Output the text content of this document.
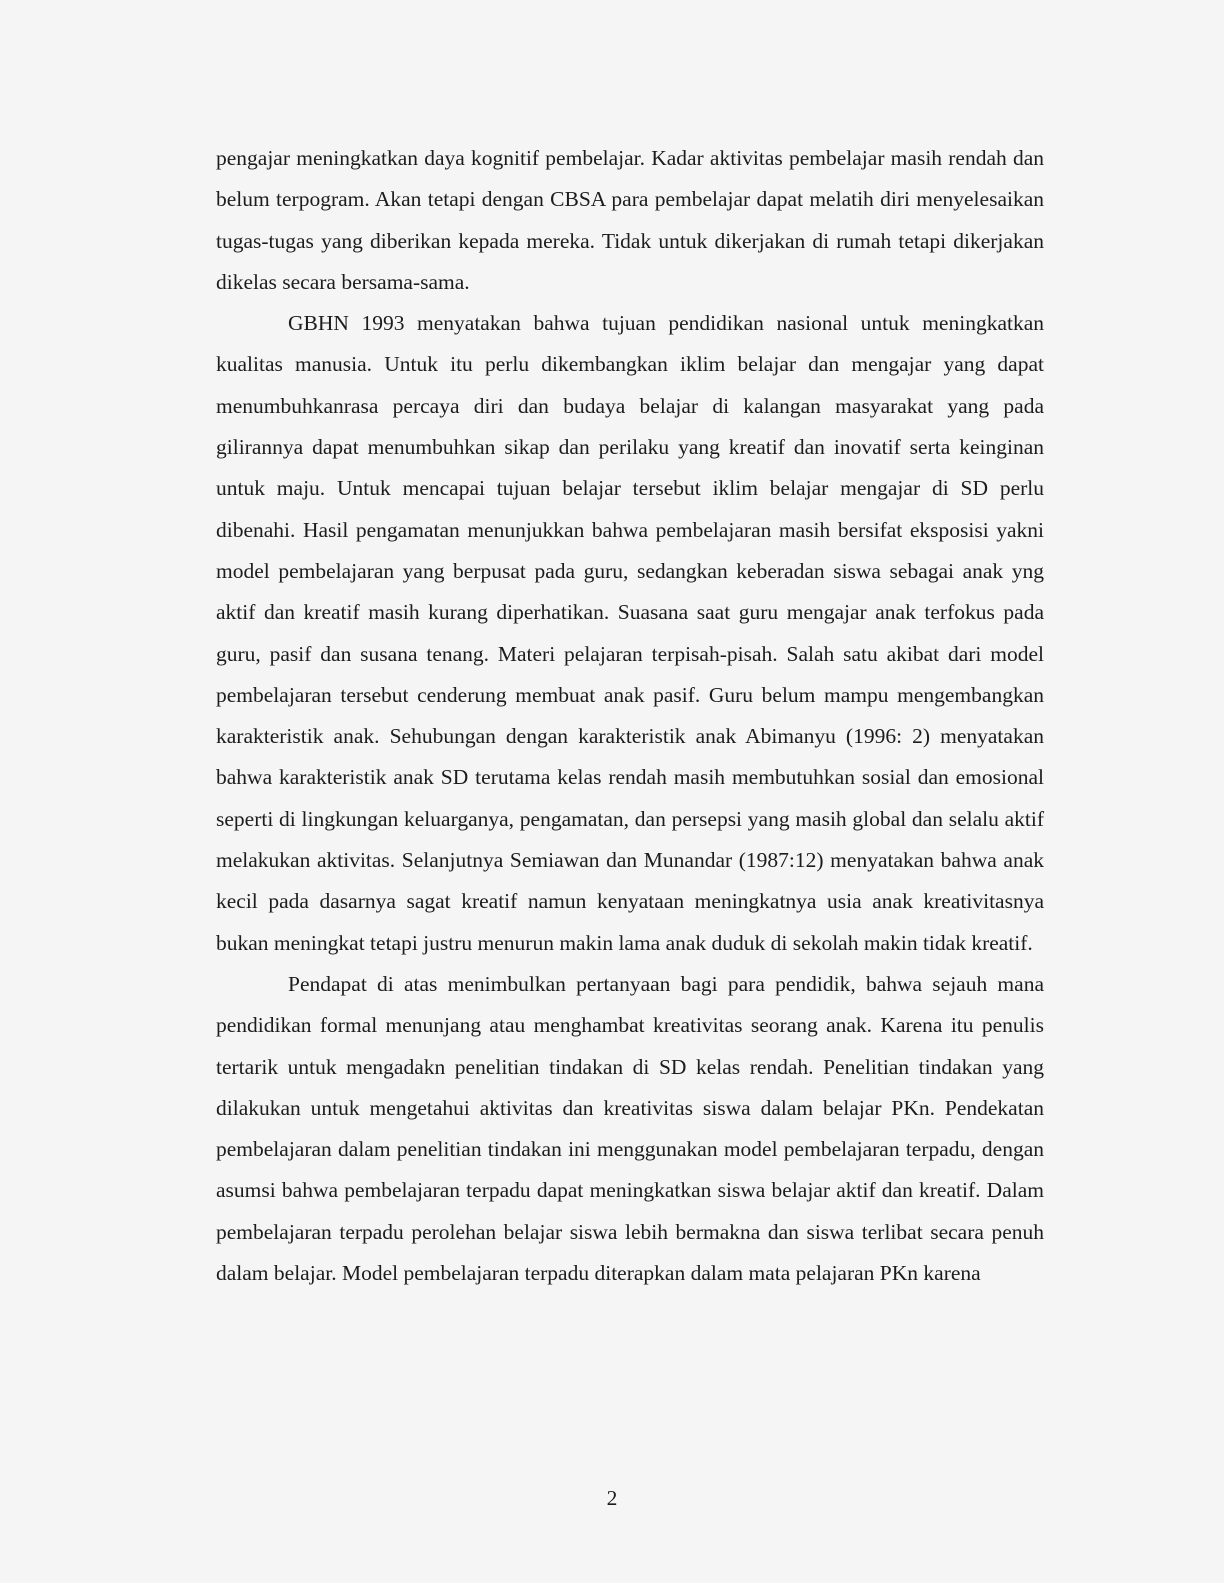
pengajar meningkatkan daya kognitif pembelajar. Kadar aktivitas pembelajar masih rendah dan belum terpogram. Akan tetapi dengan CBSA para pembelajar dapat melatih diri menyelesaikan tugas-tugas yang diberikan kepada mereka. Tidak untuk dikerjakan di rumah tetapi dikerjakan dikelas secara bersama-sama.

GBHN 1993 menyatakan bahwa tujuan pendidikan nasional untuk meningkatkan kualitas manusia. Untuk itu perlu dikembangkan iklim belajar dan mengajar yang dapat menumbuhkanrasa percaya diri dan budaya belajar di kalangan masyarakat yang pada gilirannya dapat menumbuhkan sikap dan perilaku yang kreatif dan inovatif serta keinginan untuk maju. Untuk mencapai tujuan belajar tersebut iklim belajar mengajar di SD perlu dibenahi. Hasil pengamatan menunjukkan bahwa pembelajaran masih bersifat eksposisi yakni model pembelajaran yang berpusat pada guru, sedangkan keberadan siswa sebagai anak yng aktif dan kreatif masih kurang diperhatikan. Suasana saat guru mengajar anak terfokus pada guru, pasif dan susana tenang. Materi pelajaran terpisah-pisah. Salah satu akibat dari model pembelajaran tersebut cenderung membuat anak pasif. Guru belum mampu mengembangkan karakteristik anak. Sehubungan dengan karakteristik anak Abimanyu (1996: 2) menyatakan bahwa karakteristik anak SD terutama kelas rendah masih membutuhkan sosial dan emosional seperti di lingkungan keluarganya, pengamatan, dan persepsi yang masih global dan selalu aktif melakukan aktivitas. Selanjutnya Semiawan dan Munandar (1987:12) menyatakan bahwa anak kecil pada dasarnya sagat kreatif namun kenyataan meningkatnya usia anak kreativitasnya bukan meningkat tetapi justru menurun makin lama anak duduk di sekolah makin tidak kreatif.

Pendapat di atas menimbulkan pertanyaan bagi para pendidik, bahwa sejauh mana pendidikan formal menunjang atau menghambat kreativitas seorang anak. Karena itu penulis tertarik untuk mengadakn penelitian tindakan di SD kelas rendah. Penelitian tindakan yang dilakukan untuk mengetahui aktivitas dan kreativitas siswa dalam belajar PKn. Pendekatan pembelajaran dalam penelitian tindakan ini menggunakan model pembelajaran terpadu, dengan asumsi bahwa pembelajaran terpadu dapat meningkatkan siswa belajar aktif dan kreatif. Dalam pembelajaran terpadu perolehan belajar siswa lebih bermakna dan siswa terlibat secara penuh dalam belajar. Model pembelajaran terpadu diterapkan dalam mata pelajaran PKn karena

2
